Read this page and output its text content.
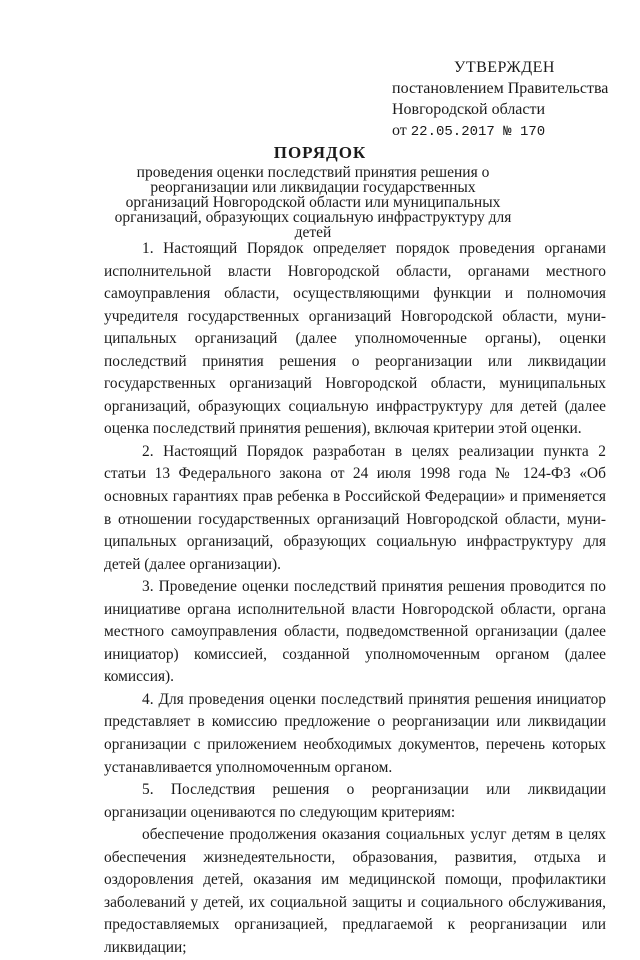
УТВЕРЖДЕН
постановлением Правительства
Новгородской области
от 22.05.2017 № 170
ПОРЯДОК
проведения оценки последствий принятия решения о реорганизации или ликвидации государственных организаций Новгородской области или муниципальных организаций, образующих социальную инфраструктуру для детей

1. Настоящий Порядок определяет порядок проведения органами исполнительной власти Новгородской области, органами местного самоуправления области, осуществляющими функции и полномочия учредителя государственных организаций Новгородской области, муниципальных организаций (далее уполномоченные органы), оценки последствий принятия решения о реорганизации или ликвидации государственных организаций Новгородской области, муниципальных организаций, образующих социальную инфраструктуру для детей (далее оценка последствий принятия решения), включая критерии этой оценки.

2. Настоящий Порядок разработан в целях реализации пункта 2 статьи 13 Федерального закона от 24 июля 1998 года № 124-ФЗ «Об основных гарантиях прав ребенка в Российской Федерации» и применяется в отношении государственных организаций Новгородской области, муниципальных организаций, образующих социальную инфраструктуру для детей (далее организации).

3. Проведение оценки последствий принятия решения проводится по инициативе органа исполнительной власти Новгородской области, органа местного самоуправления области, подведомственной организации (далее инициатор) комиссией, созданной уполномоченным органом (далее комиссия).

4. Для проведения оценки последствий принятия решения инициатор представляет в комиссию предложение о реорганизации или ликвидации организации с приложением необходимых документов, перечень которых устанавливается уполномоченным органом.

5. Последствия решения о реорганизации или ликвидации организации оцениваются по следующим критериям:

обеспечение продолжения оказания социальных услуг детям в целях обеспечения жизнедеятельности, образования, развития, отдыха и оздоровления детей, оказания им медицинской помощи, профилактики заболеваний у детей, их социальной защиты и социального обслуживания, предоставляемых организацией, предлагаемой к реорганизации или ликвидации;
